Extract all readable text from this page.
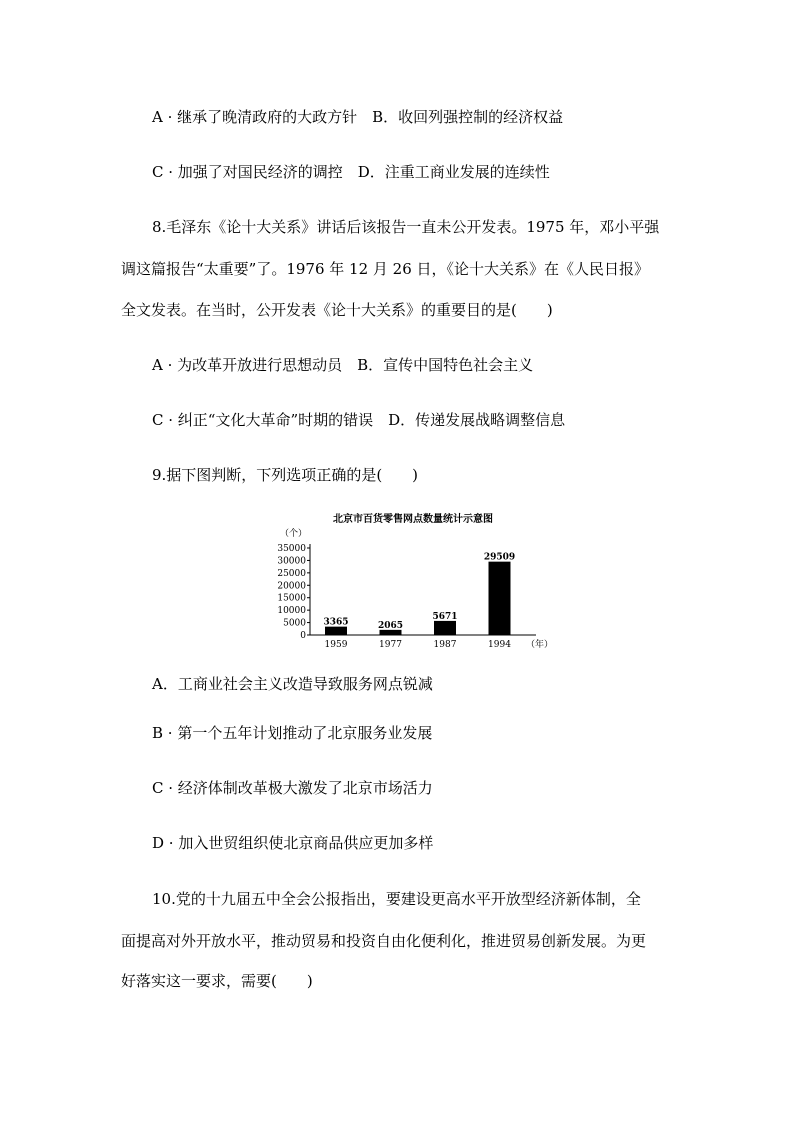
A · 继承了晚清政府的大政方针　B．收回列强控制的经济权益
C · 加强了对国民经济的调控　D．注重工商业发展的连续性
8.毛泽东《论十大关系》讲话后该报告一直未公开发表。1975 年，邓小平强
调这篇报告“太重要”了。1976 年 12 月 26 日，《论十大关系》在《人民日报》
全文发表。在当时，公开发表《论十大关系》的重要目的是(　　)
A · 为改革开放进行思想动员　B．宣传中国特色社会主义
C · 纠正“文化大革命”时期的错误　D．传递发展战略调整信息
9.据下图判断，下列选项正确的是(　　)
北京市百货零售网点数量统计示意图
（个）
0
5000
10000
15000
20000
25000
30000
35000
3365	2065
5671
29509
1959	1977	1987	1994 （年）
A．工商业社会主义改造导致服务网点锐减
B · 第一个五年计划推动了北京服务业发展
C · 经济体制改革极大激发了北京市场活力
D · 加入世贸组织使北京商品供应更加多样
10.党的十九届五中全会公报指出，要建设更高水平开放型经济新体制，全
面提高对外开放水平，推动贸易和投资自由化便利化，推进贸易创新发展。为更
好落实这一要求，需要(　　)
